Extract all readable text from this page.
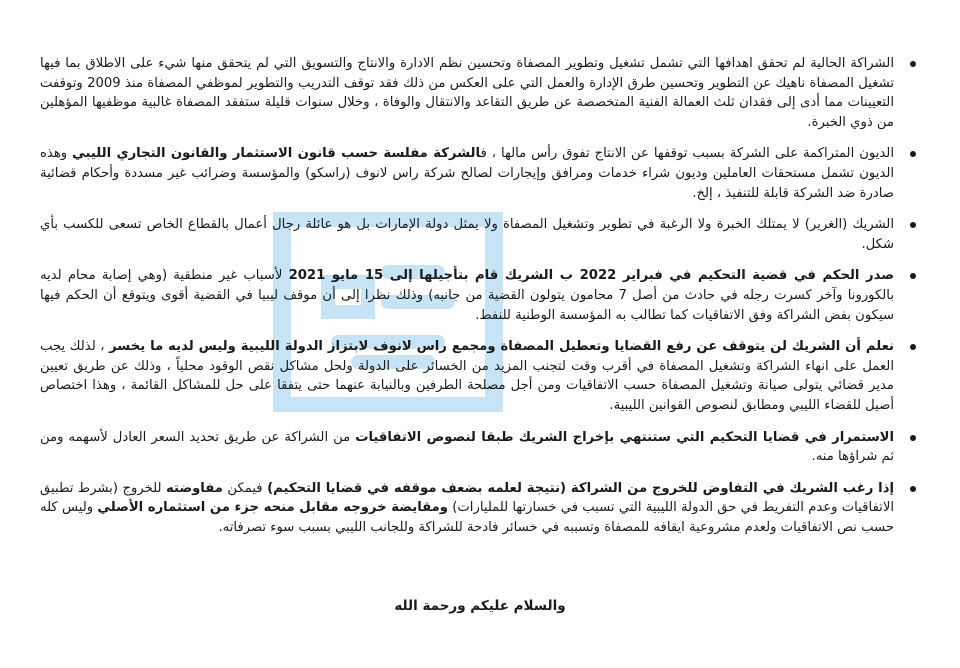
الشراكة الحالية لم تحقق اهدافها التي تشمل تشغيل وتطوير المصفاة وتحسين نظم الادارة والانتاج والتسويق التي لم يتحقق منها شيء على الاطلاق بما فيها تشغيل المصفاة ناهيك عن التطوير وتحسين طرق الإدارة والعمل التي على العكس من ذلك فقد توقف التدريب والتطوير لموظفي المصفاة منذ 2009 وتوقفت التعيينات مما أدى إلى فقدان ثلث العمالة الفنية المتخصصة عن طريق التقاعد والانتقال والوفاة ، وخلال سنوات قليلة ستفقد المصفاة غالبية موظفيها المؤهلين من ذوي الخبرة.
الديون المتراكمة على الشركة بسبب توقفها عن الانتاج تفوق رأس مالها ، فالشركة مفلسة حسب قانون الاستثمار والقانون التجاري الليبي وهذه الديون تشمل مستحقات العاملين وديون شراء خدمات ومرافق وإيجارات لصالح شركة راس لانوف (راسكو) والمؤسسة وضرائب غير مسددة وأحكام قضائية صادرة ضد الشركة قابلة للتنفيذ ، إلخ.
الشريك (الغرير) لا يمتلك الخبرة ولا الرغبة في تطوير وتشغيل المصفاة ولا يمثل دولة الإمارات بل هو عائلة رجال أعمال بالقطاع الخاص تسعى للكسب بأي شكل.
صدر الحكم في قضية التحكيم في فبراير 2022 ب الشريك قام بتأجيلها إلى 15 مايو 2021 لأسباب غير منطقية (وهي إصابة محام لديه بالكورونا وآخر كسرت رجله في حادث من أصل 7 محامون يتولون القضية من جانبه) وذلك نظرا إلى أن موقف ليبيا في القضية أقوى ويتوقع أن الحكم فيها سيكون بفض الشراكة وفق الاتفاقيات كما تطالب به المؤسسة الوطنية للنفط.
نعلم أن الشريك لن يتوقف عن رفع القضايا وتعطيل المصفاة ومجمع راس لانوف لابتزاز الدولة الليبية وليس لديه ما يخسر ، لذلك يجب العمل على انهاء الشراكة وتشغيل المصفاة في أقرب وقت لتجنب المزيد من الخسائر على الدولة ولحل مشاكل نقص الوقود محلياً ، وذلك عن طريق تعيين مدير قضائي يتولى صيانة وتشغيل المصفاة حسب الاتفاقيات ومن أجل مصلحة الطرفين وبالنيابة عنهما حتى يتفقا على حل للمشاكل القائمة ، وهذا اختصاص أصيل للقضاء الليبي ومطابق لنصوص القوانين الليبية.
الاستمرار في قضايا التحكيم التي ستنتهي بإخراج الشريك طبقا لنصوص الاتفاقيات من الشراكة عن طريق تحديد السعر العادل لأسهمه ومن ثم شراؤها منه.
إذا رغب الشريك في التفاوض للخروج من الشراكة (نتيجة لعلمه بضعف موقفه في قضايا التحكيم) فيمكن مفاوضته للخروج (بشرط تطبيق الاتفاقيات وعدم التفريط في حق الدولة الليبية التي تسبب في خسارتها للمليارات) ومقايضة خروجه مقابل منحه جزء من استثماره الأصلي وليس كله حسب نص الاتفاقيات ولعدم مشروعية ايقافه للمصفاة وتسببه في خسائر فادحة للشراكة وللجانب الليبي بسبب سوء تصرفاته.
والسلام عليكم ورحمة الله
